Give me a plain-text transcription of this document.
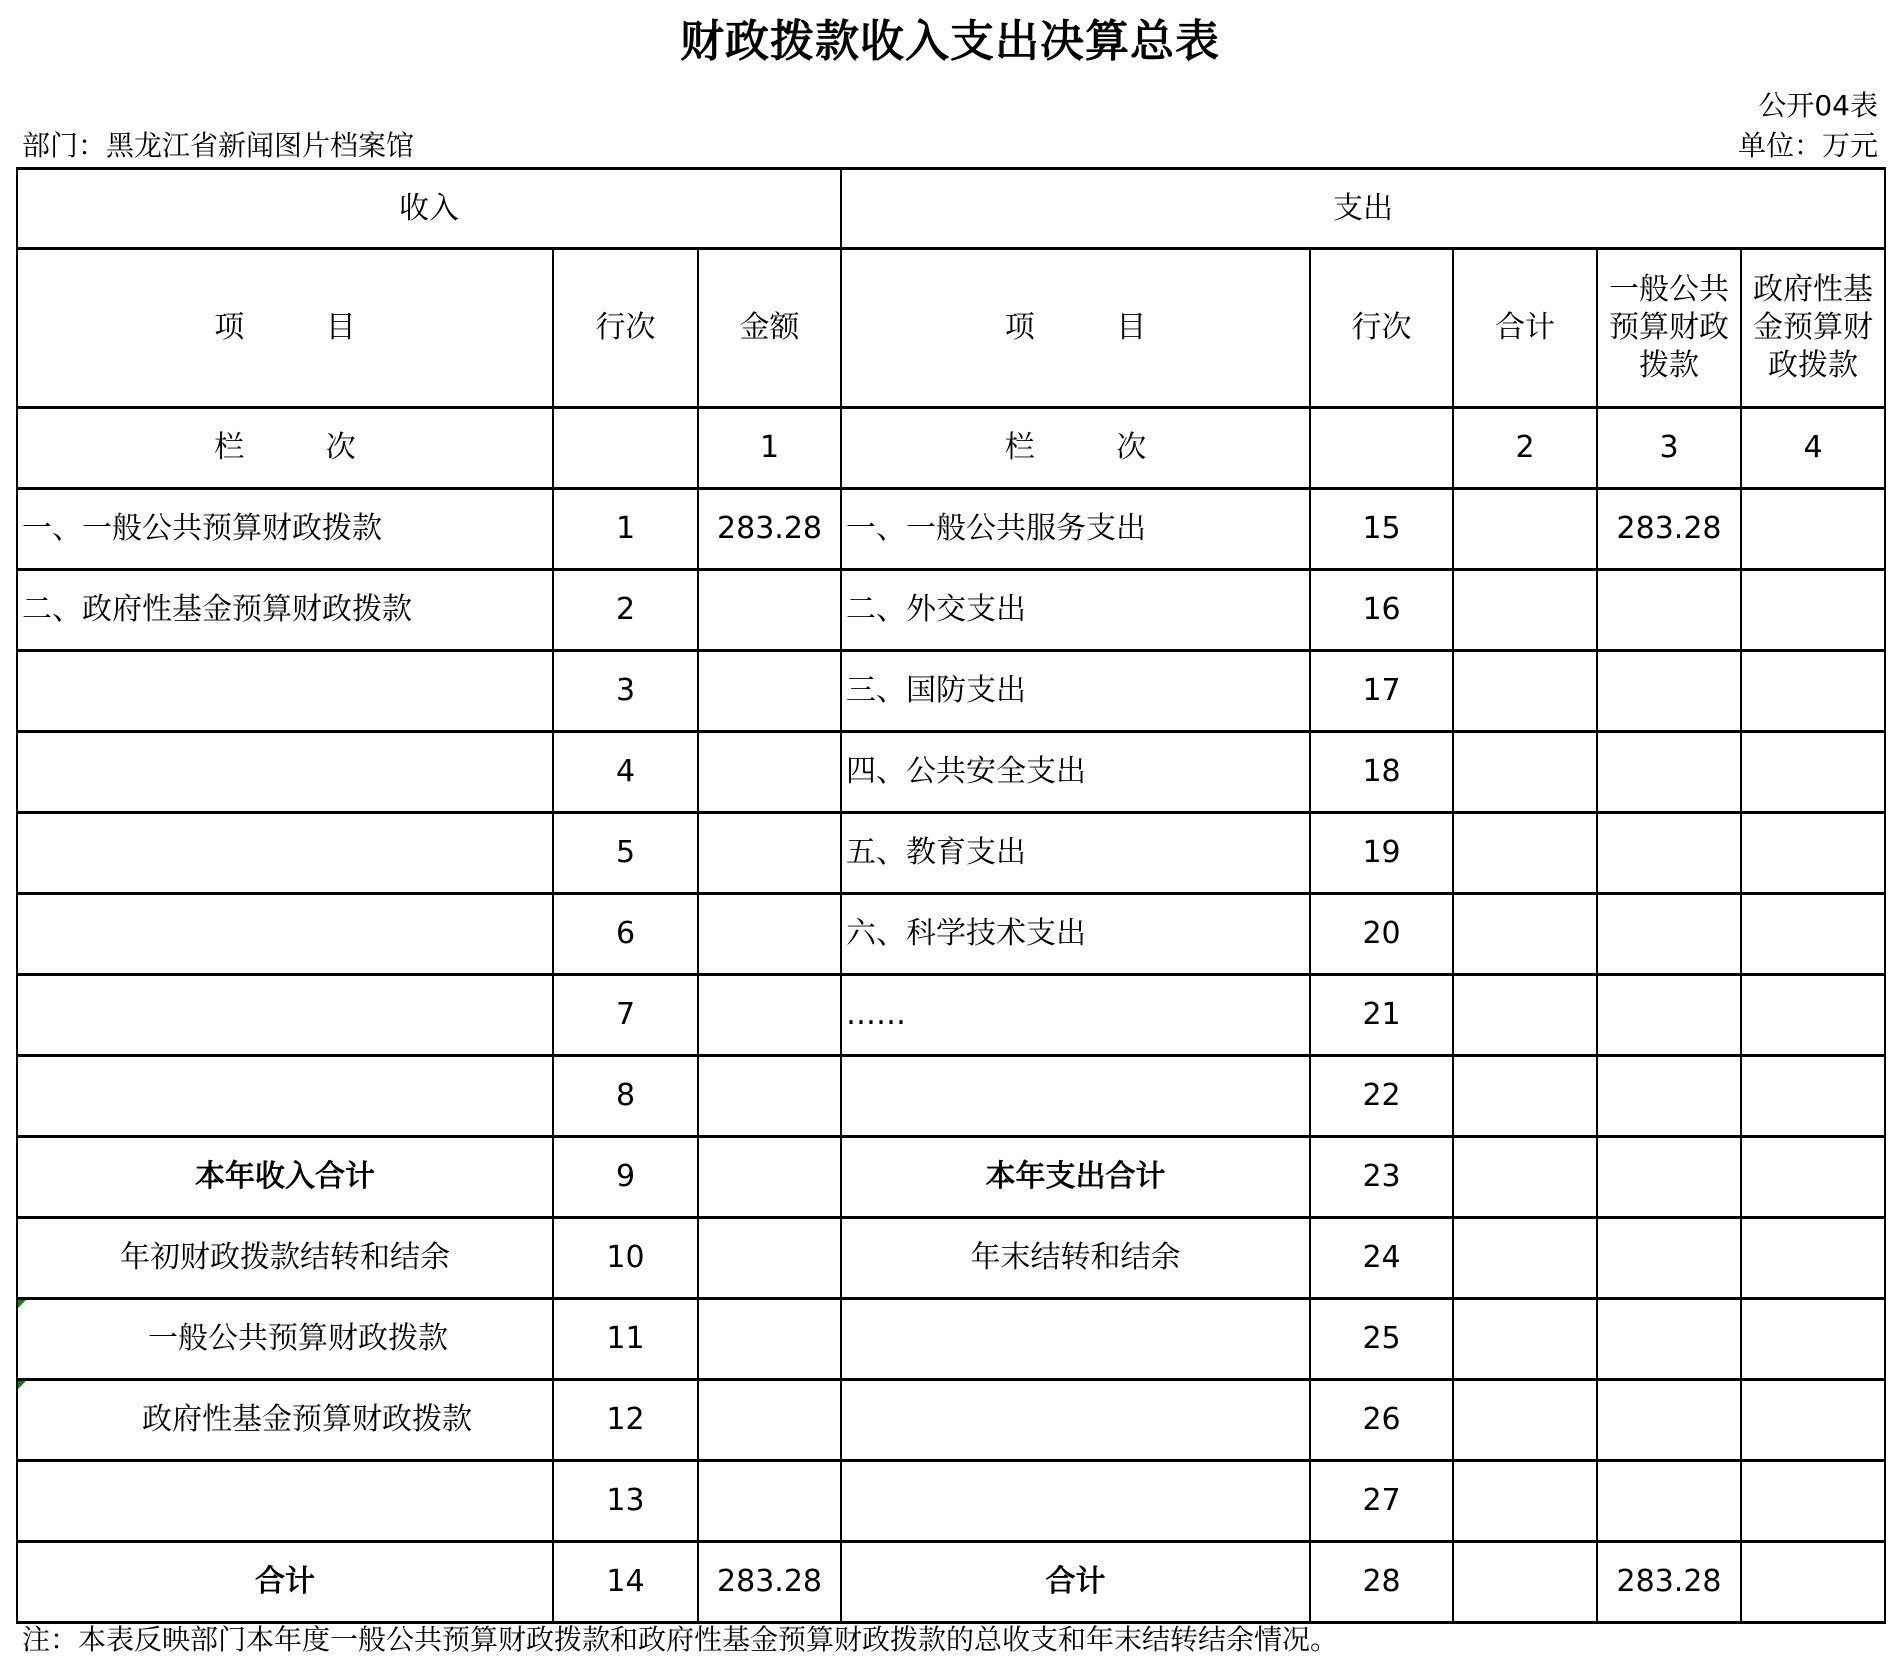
财政拨款收入支出决算总表
公开04表
部门：黑龙江省新闻图片档案馆	单位：万元
收入			支出				
项 目	行次	金额	项 目	行次	合计	一般公共预算财政拨款	政府性基金预算财政拨款
栏 次		1	栏 次		2	3	4
一、一般公共预算财政拨款	1	283.28	一、一般公共服务支出	15		283.28	
二、政府性基金预算财政拨款	2		二、外交支出	16			
	3		三、国防支出	17			
	4		四、公共安全支出	18			
	5		五、教育支出	19			
	6		六、科学技术支出	20			
	7		……	21			
	8			22			
本年收入合计	9		本年支出合计	23			
年初财政拨款结转和结余	10		年末结转和结余	24			

一般公共预算财政拨款	11			25			

政府性基金预算财政拨款	12			26			
	13			27			
合计	14	283.28	合计	28		283.28	
注：本表反映部门本年度一般公共预算财政拨款和政府性基金预算财政拨款的总收支和年末结转结余情况。
